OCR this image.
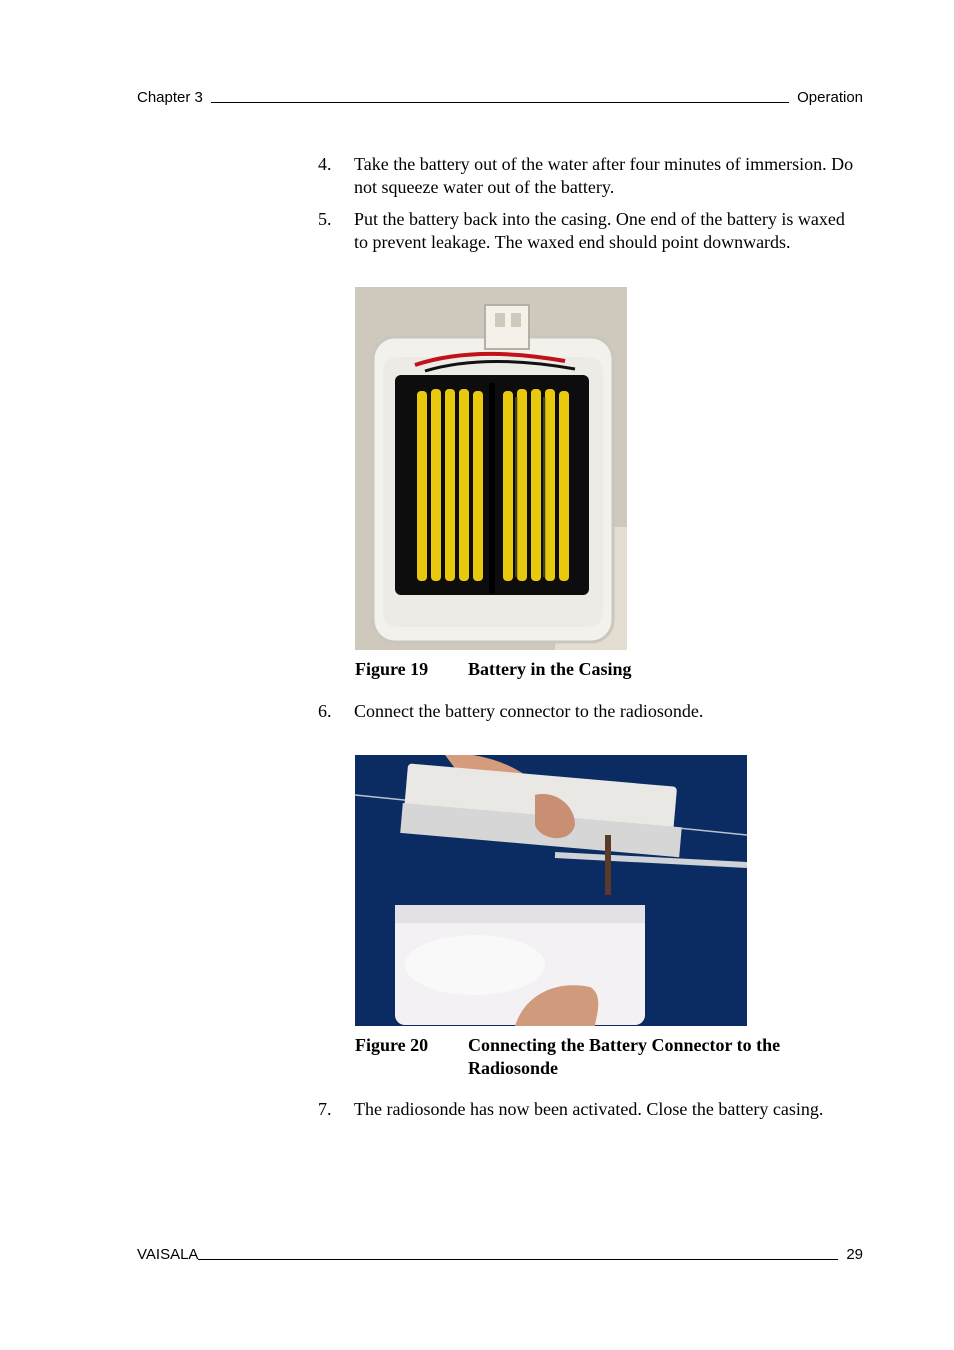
Chapter 3	Operation
4.	Take the battery out of the water after four minutes of immersion. Do not squeeze water out of the battery.
5.	Put the battery back into the casing. One end of the battery is waxed to prevent leakage. The waxed end should point downwards.
Figure 19	Battery in the Casing
6.	Connect the battery connector to the radiosonde.
Figure 20	Connecting the Battery Connector to the Radiosonde
7.	The radiosonde has now been activated. Close the battery casing.
VAISALA	29
